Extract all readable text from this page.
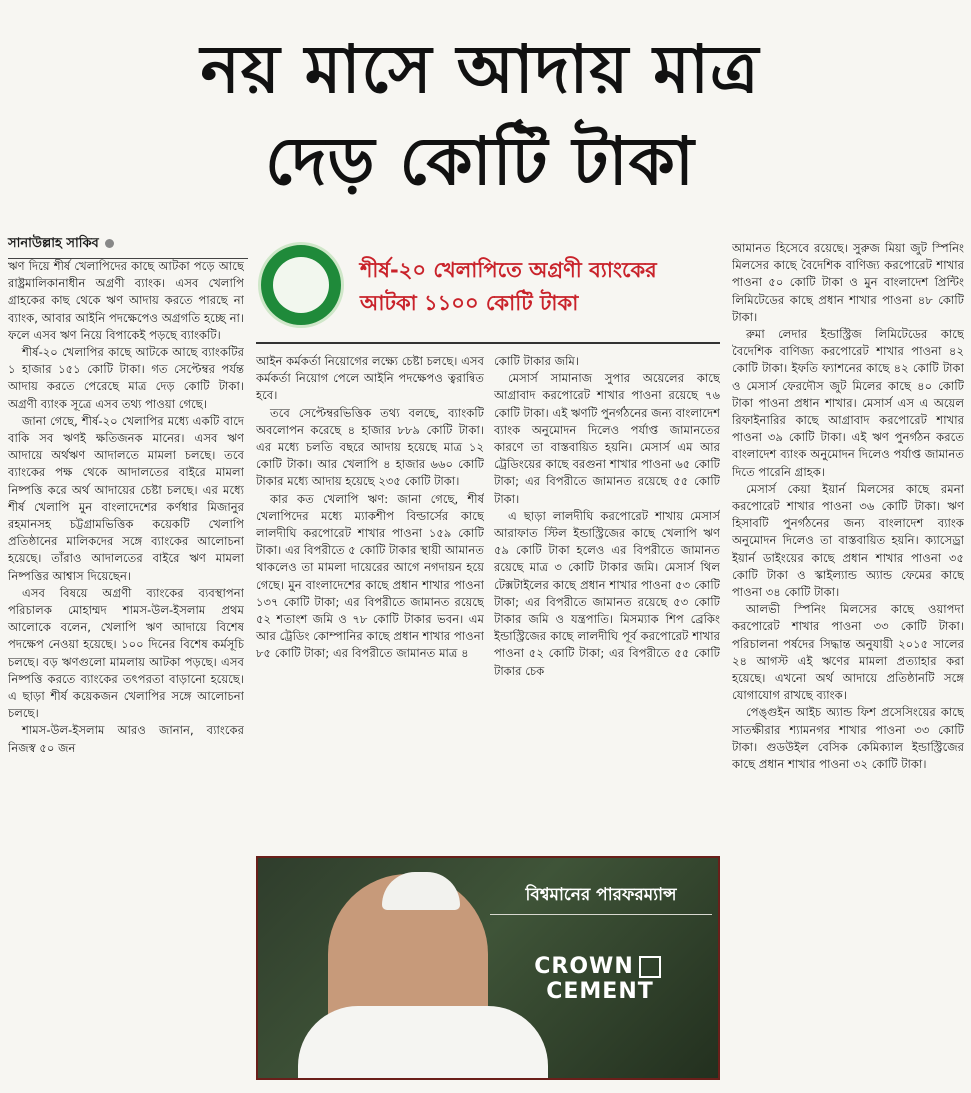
নয় মাসে আদায় মাত্র
দেড় কোটি টাকা
সানাউল্লাহ সাকিব

ঋণ দিয়ে শীর্ষ খেলাপিদের কাছে আটকা পড়ে আছে রাষ্ট্রমালিকানাধীন অগ্রণী ব্যাংক। এসব খেলাপি গ্রাহকের কাছ থেকে ঋণ আদায় করতে পারছে না ব্যাংক, আবার আইনি পদক্ষেপেও অগ্রগতি হচ্ছে না। ফলে এসব ঋণ নিয়ে বিপাকেই পড়ছে ব্যাংকটি।

শীর্ষ-২০ খেলাপির কাছে আটকে আছে ব্যাংকটির ১ হাজার ১৫১ কোটি টাকা। গত সেপ্টেম্বর পর্যন্ত আদায় করতে পেরেছে মাত্র দেড় কোটি টাকা। অগ্রণী ব্যাংক সূত্রে এসব তথ্য পাওয়া গেছে।

জানা গেছে, শীর্ষ-২০ খেলাপির মধ্যে একটি বাদে বাকি সব ঋণই ক্ষতিজনক মানের। এসব ঋণ আদায়ে অর্থঋণ আদালতে মামলা চলছে। তবে ব্যাংকের পক্ষ থেকে আদালতের বাইরে মামলা নিষ্পত্তি করে অর্থ আদায়ের চেষ্টা চলছে। এর মধ্যে শীর্ষ খেলাপি মুন বাংলাদেশের কর্ণধার মিজানুর রহমানসহ চট্টগ্রামভিত্তিক কয়েকটি খেলাপি প্রতিষ্ঠানের মালিকদের সঙ্গে ব্যাংকের আলোচনা হয়েছে। তাঁরাও আদালতের বাইরে ঋণ মামলা নিষ্পত্তির আশ্বাস দিয়েছেন।

এসব বিষয়ে অগ্রণী ব্যাংকের ব্যবস্থাপনা পরিচালক মোহাম্মদ শামস-উল-ইসলাম প্রথম আলোকে বলেন, খেলাপি ঋণ আদায়ে বিশেষ পদক্ষেপ নেওয়া হয়েছে। ১০০ দিনের বিশেষ কর্মসূচি চলছে। বড় ঋণগুলো মামলায় আটকা পড়ছে। এসব নিষ্পত্তি করতে ব্যাংকের তৎপরতা বাড়ানো হয়েছে। এ ছাড়া শীর্ষ কয়েকজন খেলাপির সঙ্গে আলোচনা চলছে।

শামস-উল-ইসলাম আরও জানান, ব্যাংকের নিজস্ব ৫০ জন

শীর্ষ-২০ খেলাপিতে অগ্রণী ব্যাংকের
আটকা ১১০০ কোটি টাকা

আইন কর্মকর্তা নিয়োগের লক্ষ্যে চেষ্টা চলছে। এসব কর্মকর্তা নিয়োগ পেলে আইনি পদক্ষেপও ত্বরান্বিত হবে।

তবে সেপ্টেম্বরভিত্তিক তথ্য বলছে, ব্যাংকটি অবলোপন করেছে ৪ হাজার ৮৮৯ কোটি টাকা। এর মধ্যে চলতি বছরে আদায় হয়েছে মাত্র ১২ কোটি টাকা। আর খেলাপি ৪ হাজার ৬৬০ কোটি টাকার মধ্যে আদায় হয়েছে ২৩৫ কোটি টাকা।

কার কত খেলাপি ঋণ: জানা গেছে, শীর্ষ খেলাপিদের মধ্যে ম্যাকশীপ বিল্ডার্সের কাছে লালদীঘি করপোরেট শাখার পাওনা ১৫৯ কোটি টাকা। এর বিপরীতে ৫ কোটি টাকার স্থায়ী আমানত থাকলেও তা মামলা দায়েরের আগে নগদায়ন হয়ে গেছে। মুন বাংলাদেশের কাছে প্রধান শাখার পাওনা ১৩৭ কোটি টাকা; এর বিপরীতে জামানত রয়েছে ৫২ শতাংশ জমি ও ৭৮ কোটি টাকার ভবন। এম আর ট্রেডিং কোম্পানির কাছে প্রধান শাখার পাওনা ৮৫ কোটি টাকা; এর বিপরীতে জামানত মাত্র ৪

কোটি টাকার জমি।

মেসার্স সামানাজ সুপার অয়েলের কাছে আগ্রাবাদ করপোরেট শাখার পাওনা রয়েছে ৭৬ কোটি টাকা। এই ঋণটি পুনর্গঠনের জন্য বাংলাদেশ ব্যাংক অনুমোদন দিলেও পর্যাপ্ত জামানতের কারণে তা বাস্তবায়িত হয়নি। মেসার্স এম আর ট্রেডিংয়ের কাছে বরগুনা শাখার পাওনা ৬৫ কোটি টাকা; এর বিপরীতে জামানত রয়েছে ৫৫ কোটি টাকা।

এ ছাড়া লালদীঘি করপোরেট শাখায় মেসার্স আরাফাত স্টিল ইন্ডাস্ট্রিজের কাছে খেলাপি ঋণ ৫৯ কোটি টাকা হলেও এর বিপরীতে জামানত রয়েছে মাত্র ৩ কোটি টাকার জমি। মেসার্স থিল টেক্সটাইলের কাছে প্রধান শাখার পাওনা ৫৩ কোটি টাকা; এর বিপরীতে জামানত রয়েছে ৫৩ কোটি টাকার জমি ও যন্ত্রপাতি। মিসম্যাক শিপ ব্রেকিং ইন্ডাস্ট্রিজের কাছে লালদীঘি পূর্ব করপোরেট শাখার পাওনা ৫২ কোটি টাকা; এর বিপরীতে ৫৫ কোটি টাকার চেক

আমানত হিসেবে রয়েছে। সুরুজ মিয়া জুট স্পিনিং মিলসের কাছে বৈদেশিক বাণিজ্য করপোরেট শাখার পাওনা ৫০ কোটি টাকা ও মুন বাংলাদেশ প্রিন্টিং লিমিটেডের কাছে প্রধান শাখার পাওনা ৪৮ কোটি টাকা।

রুমা লেদার ইন্ডাস্ট্রিজ লিমিটেডের কাছে বৈদেশিক বাণিজ্য করপোরেট শাখার পাওনা ৪২ কোটি টাকা। ইফতি ফ্যাশনের কাছে ৪২ কোটি টাকা ও মেসার্স ফেরদৌস জুট মিলের কাছে ৪০ কোটি টাকা পাওনা প্রধান শাখার। মেসার্স এস এ অয়েল রিফাইনারির কাছে আগ্রাবাদ করপোরেট শাখার পাওনা ৩৯ কোটি টাকা। এই ঋণ পুনর্গঠন করতে বাংলাদেশ ব্যাংক অনুমোদন দিলেও পর্যাপ্ত জামানত দিতে পারেনি গ্রাহক।

মেসার্স কেয়া ইয়ার্ন মিলসের কাছে রমনা করপোরেট শাখার পাওনা ৩৬ কোটি টাকা। ঋণ হিসাবটি পুনর্গঠনের জন্য বাংলাদেশ ব্যাংক অনুমোদন দিলেও তা বাস্তবায়িত হয়নি। ক্যাসেড্রা ইয়ার্ন ডাইংয়ের কাছে প্রধান শাখার পাওনা ৩৫ কোটি টাকা ও স্কাইল্যান্ড অ্যান্ড ফেমের কাছে পাওনা ৩৪ কোটি টাকা।

আলভী স্পিনিং মিলসের কাছে ওয়াপদা করপোরেট শাখার পাওনা ৩৩ কোটি টাকা। পরিচালনা পর্ষদের সিদ্ধান্ত অনুযায়ী ২০১৫ সালের ২৪ আগস্ট এই ঋণের মামলা প্রত্যাহার করা হয়েছে। এখনো অর্থ আদায়ে প্রতিষ্ঠানটি সঙ্গে যোগাযোগ রাখছে ব্যাংক।

পেঙ্গুইন আইচ অ্যান্ড ফিশ প্রসেসিংয়ের কাছে সাতক্ষীরার শ্যামনগর শাখার পাওনা ৩৩ কোটি টাকা। গুডউইল বেসিক কেমিক্যাল ইন্ডাস্ট্রিজের কাছে প্রধান শাখার পাওনা ৩২ কোটি টাকা।

বিশ্বমানের পারফরম্যান্স
CROWNCEMENT
